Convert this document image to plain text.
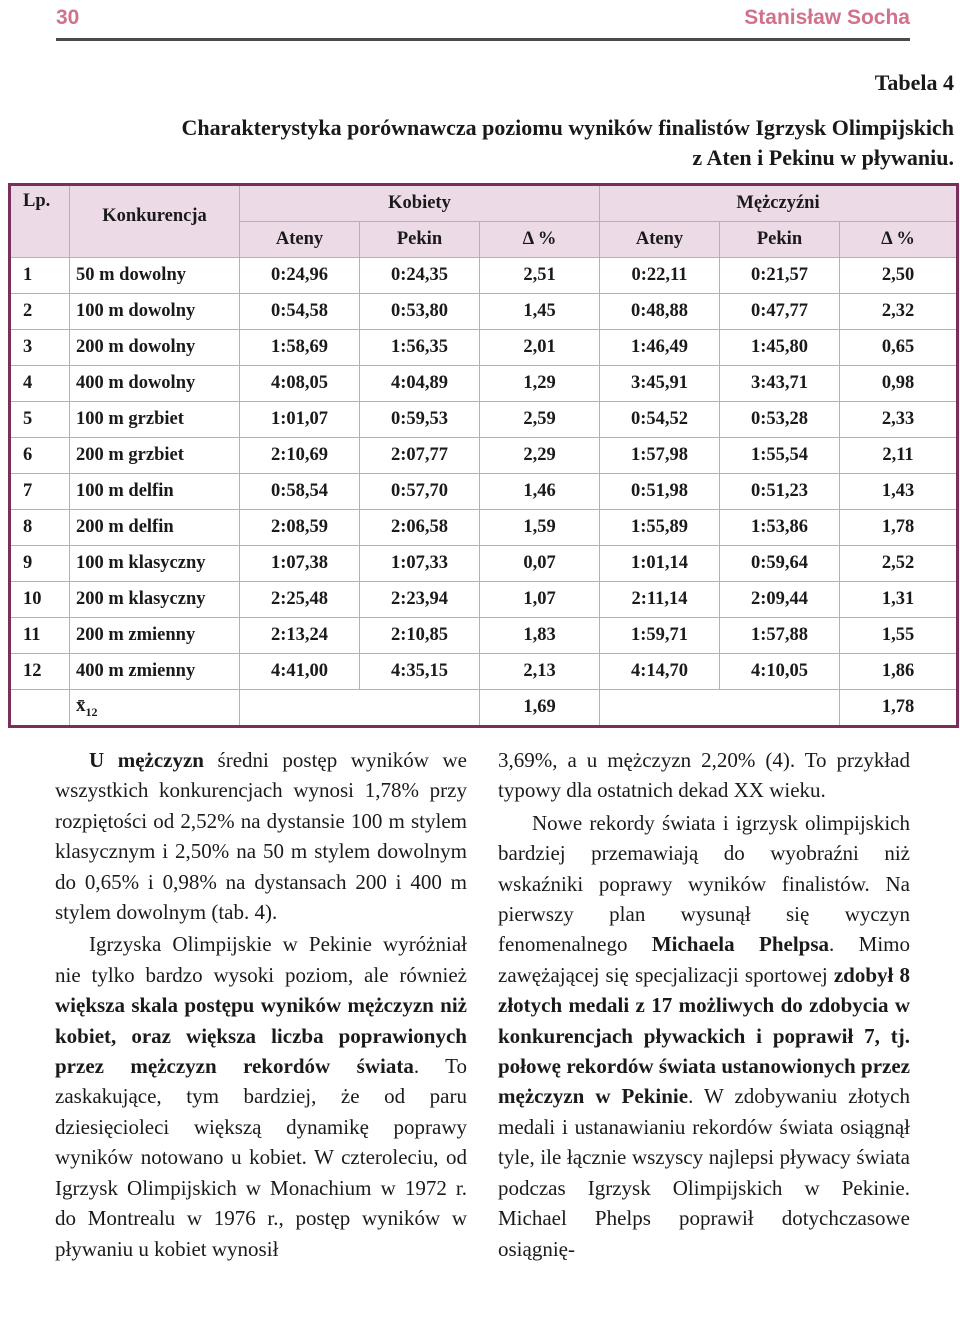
30	Stanisław Socha
Tabela 4
Charakterystyka porównawcza poziomu wyników finalistów Igrzysk Olimpijskich
z Aten i Pekinu w pływaniu.
Lp.	Konkurencja	Kobiety			Mężczyźni		
		Ateny	Pekin	Δ %	Ateny	Pekin	Δ %
1	50 m dowolny	0:24,96	0:24,35	2,51	0:22,11	0:21,57	2,50
2	100 m dowolny	0:54,58	0:53,80	1,45	0:48,88	0:47,77	2,32
3	200 m dowolny	1:58,69	1:56,35	2,01	1:46,49	1:45,80	0,65
4	400 m dowolny	4:08,05	4:04,89	1,29	3:45,91	3:43,71	0,98
5	100 m grzbiet	1:01,07	0:59,53	2,59	0:54,52	0:53,28	2,33
6	200 m grzbiet	2:10,69	2:07,77	2,29	1:57,98	1:55,54	2,11
7	100 m delfin	0:58,54	0:57,70	1,46	0:51,98	0:51,23	1,43
8	200 m delfin	2:08,59	2:06,58	1,59	1:55,89	1:53,86	1,78
9	100 m klasyczny	1:07,38	1:07,33	0,07	1:01,14	0:59,64	2,52
10	200 m klasyczny	2:25,48	2:23,94	1,07	2:11,14	2:09,44	1,31
11	200 m zmienny	2:13,24	2:10,85	1,83	1:59,71	1:57,88	1,55
12	400 m zmienny	4:41,00	4:35,15	2,13	4:14,70	4:10,05	1,86
	$x̄_{12}$			1,69			1,78

U mężczyzn średni postęp wyników we wszystkich konkurencjach wynosi 1,78% przy rozpiętości od 2,52% na dystansie 100 m stylem klasycznym i 2,50% na 50 m stylem dowolnym do 0,65% i 0,98% na dystansach 200 i 400 m stylem dowolnym (tab. 4).

Igrzyska Olimpijskie w Pekinie wyróżniał nie tylko bardzo wysoki poziom, ale również większa skala postępu wyników mężczyzn niż kobiet, oraz większa liczba poprawionych przez mężczyzn rekordów świata. To zaskakujące, tym bardziej, że od paru dziesięcioleci większą dynamikę poprawy wyników notowano u kobiet. W czteroleciu, od Igrzysk Olimpijskich w Monachium w 1972 r. do Montrealu w 1976 r., postęp wyników w pływaniu u kobiet wynosił

3,69%, a u mężczyzn 2,20% (4). To przykład typowy dla ostatnich dekad XX wieku.

Nowe rekordy świata i igrzysk olimpijskich bardziej przemawiają do wyobraźni niż wskaźniki poprawy wyników finalistów. Na pierwszy plan wysunął się wyczyn fenomenalnego Michaela Phelpsa. Mimo zawężającej się specjalizacji sportowej zdobył 8 złotych medali z 17 możliwych do zdobycia w konkurencjach pływackich i poprawił 7, tj. połowę rekordów świata ustanowionych przez mężczyzn w Pekinie. W zdobywaniu złotych medali i ustanawianiu rekordów świata osiągnął tyle, ile łącznie wszyscy najlepsi pływacy świata podczas Igrzysk Olimpijskich w Pekinie. Michael Phelps poprawił dotychczasowe osiągnię-
